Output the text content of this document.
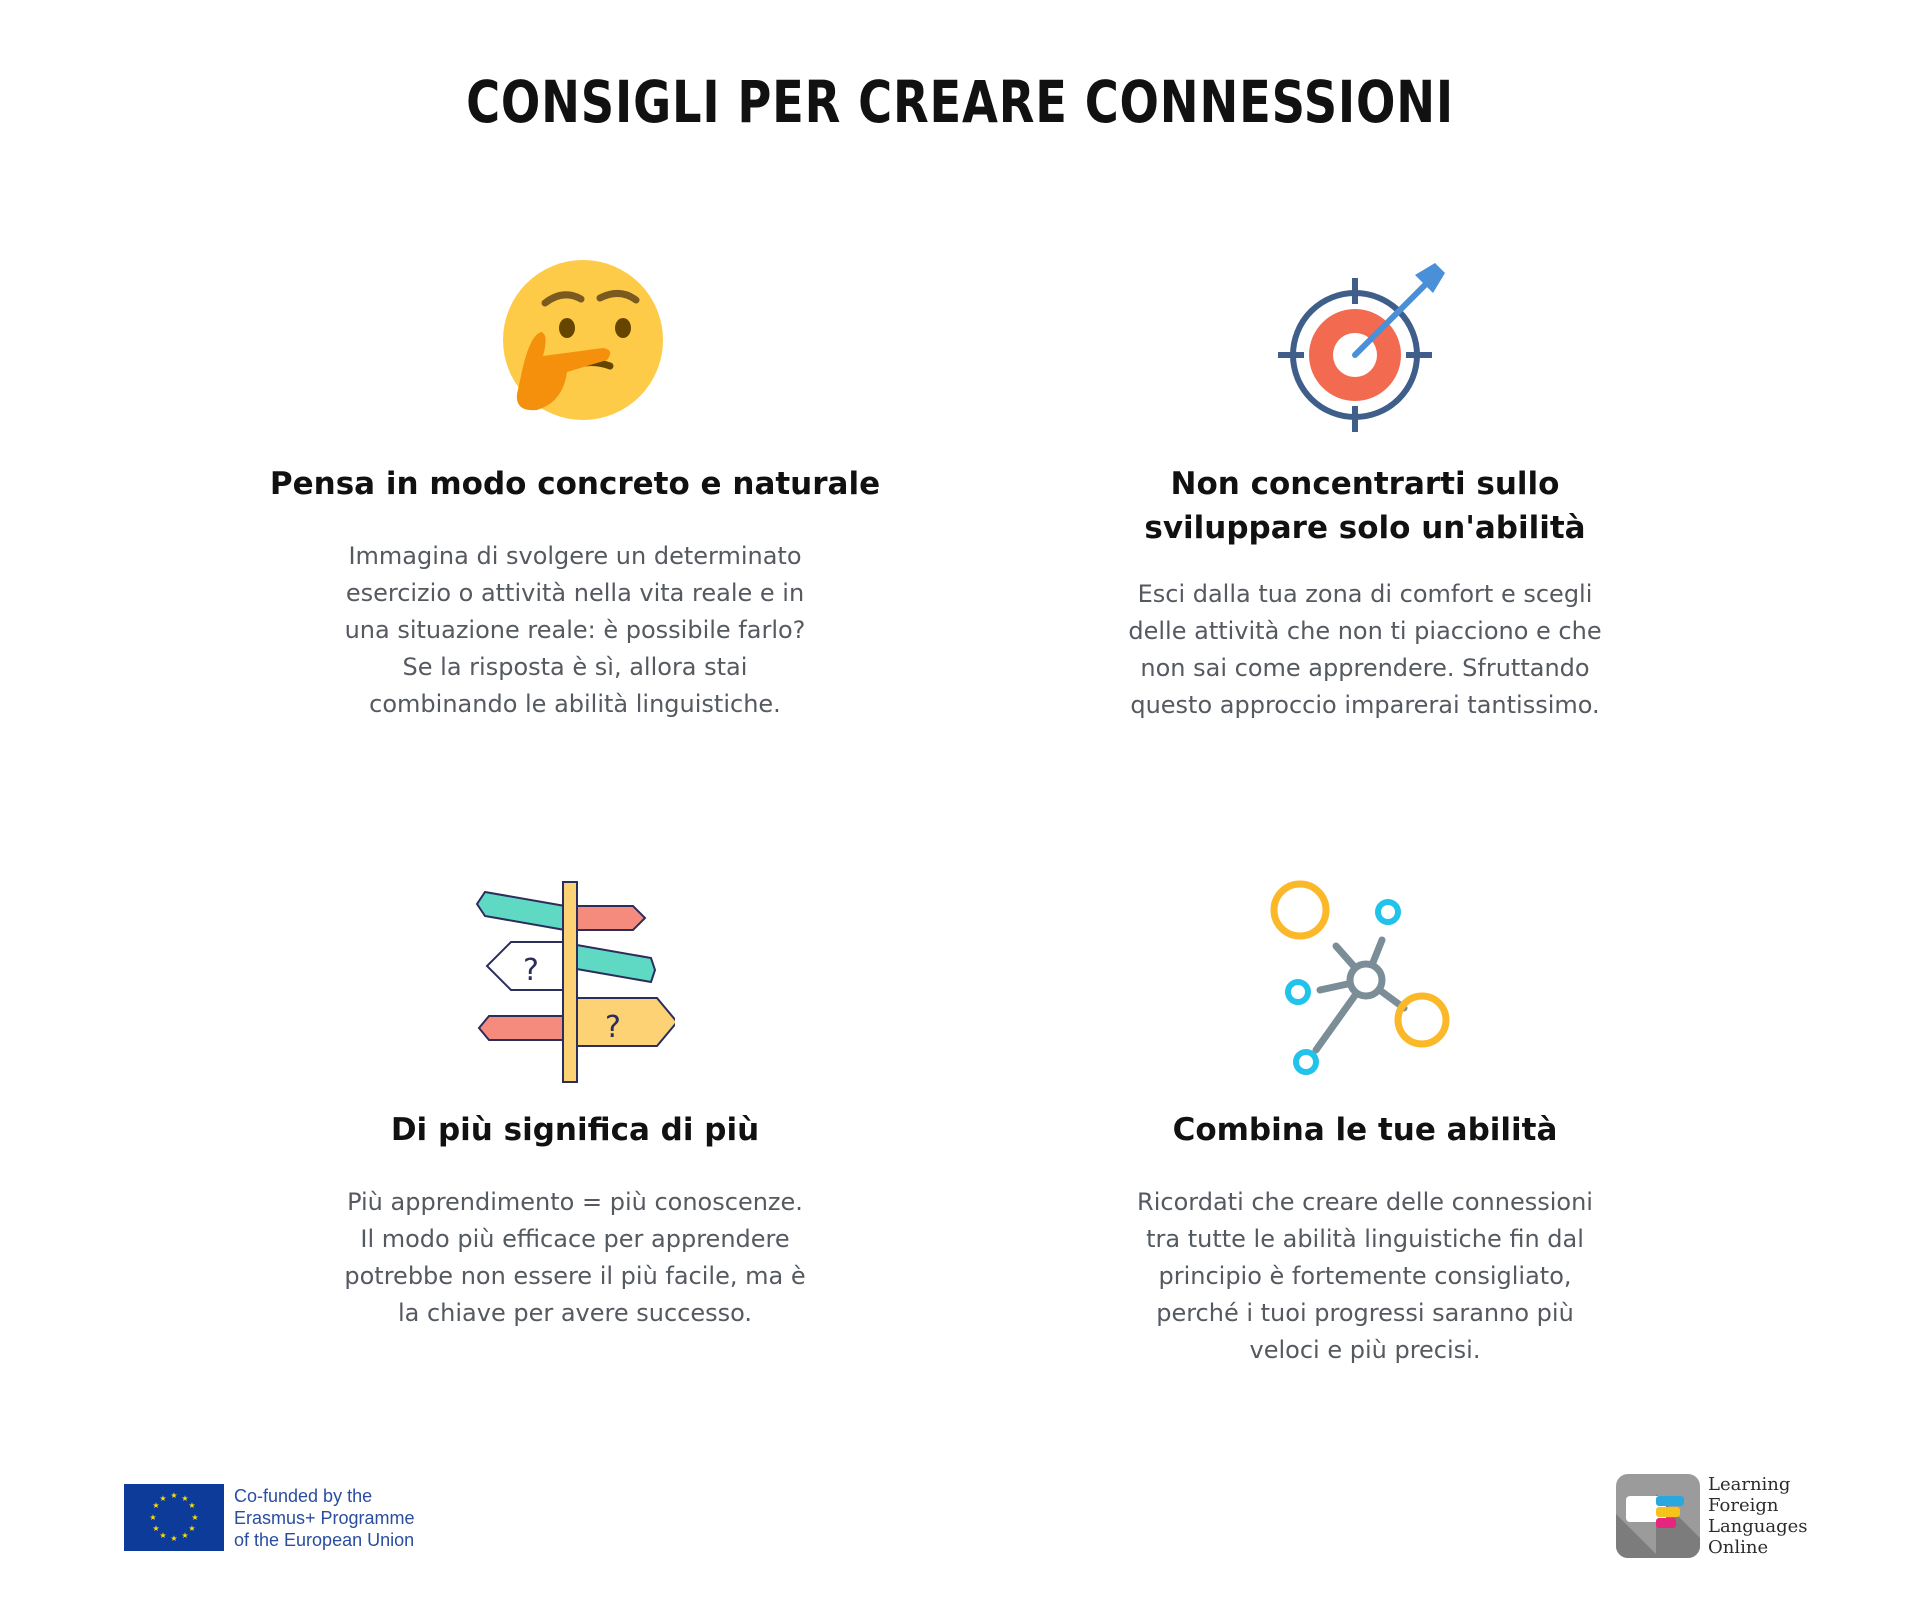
CONSIGLI PER CREARE CONNESSIONI
Pensa in modo concreto e naturale
Immagina di svolgere un determinato
esercizio o attività nella vita reale e in
una situazione reale: è possibile farlo?
Se la risposta è sì, allora stai
combinando le abilità linguistiche.
Non concentrarti sullo
sviluppare solo un'abilità
Esci dalla tua zona di comfort e scegli
delle attività che non ti piacciono e che
non sai come apprendere. Sfruttando
questo approccio imparerai tantissimo.
?
?
Di più significa di più
Più apprendimento = più conoscenze.
Il modo più efficace per apprendere
potrebbe non essere il più facile, ma è
la chiave per avere successo.
Combina le tue abilità
Ricordati che creare delle connessioni
tra tutte le abilità linguistiche fin dal
principio è fortemente consigliato,
perché i tuoi progressi saranno più
veloci e più precisi.
★ ★
★
★
★
★
★
★
★
★
★
★	Co-funded by the
Erasmus+ Programme
of the European Union
Learning
Foreign
Languages
Online
